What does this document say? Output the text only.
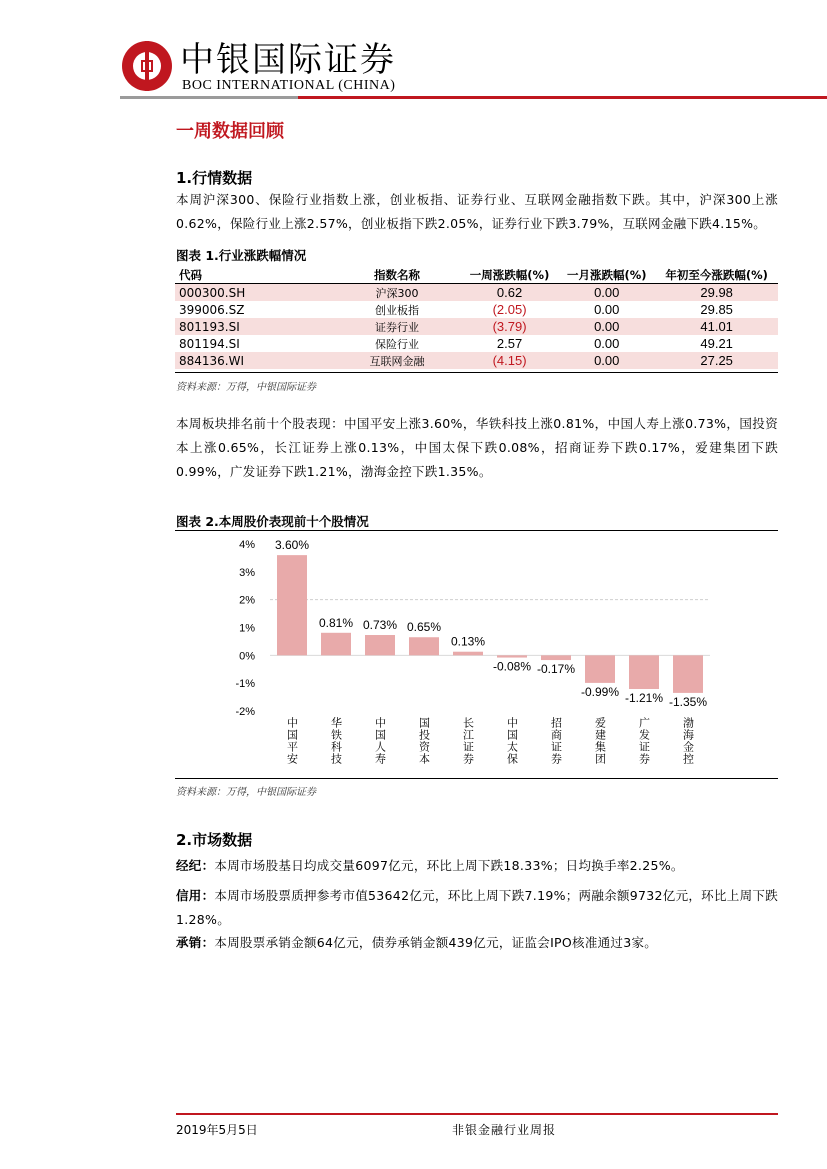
中银国际证券
BOC INTERNATIONAL (CHINA)
一周数据回顾
1.行情数据
本周沪深300、保险行业指数上涨，创业板指、证券行业、互联网金融指数下跌。其中，沪深300上涨0.62%，保险行业上涨2.57%，创业板指下跌2.05%，证券行业下跌3.79%，互联网金融下跌4.15%。
图表 1.行业涨跌幅情况
代码	指数名称	一周涨跌幅(%)	一月涨跌幅(%)	年初至今涨跌幅(%)
000300.SH	沪深300	0.62	0.00	29.98
399006.SZ	创业板指	(2.05)	0.00	29.85
801193.SI	证券行业	(3.79)	0.00	41.01
801194.SI	保险行业	2.57	0.00	49.21
884136.WI	互联网金融	(4.15)	0.00	27.25
资料来源：万得，中银国际证券
本周板块排名前十个股表现：中国平安上涨3.60%，华铁科技上涨0.81%，中国人寿上涨0.73%，国投资本上涨0.65%，长江证券上涨0.13%，中国太保下跌0.08%，招商证券下跌0.17%，爱建集团下跌0.99%，广发证券下跌1.21%，渤海金控下跌1.35%。
图表 2.本周股价表现前十个股情况
4%
3%
2%
1%
0%
-1%
-2%
3.60%
0.81% 0.73% 0.65%
0.13%
-0.08% -0.17%
-0.99% -1.21% -1.35%
中国平安	华铁科技	中国人寿	国投资本	长江证券	中国太保	招商证券	爱建集团	广发证券	渤海金控
资料来源：万得，中银国际证券
2.市场数据
经纪：本周市场股基日均成交量6097亿元，环比上周下跌18.33%；日均换手率2.25%。
信用：本周市场股票质押参考市值53642亿元，环比上周下跌7.19%；两融余额9732亿元，环比上周下跌1.28%。
承销：本周股票承销金额64亿元，债券承销金额439亿元，证监会IPO核准通过3家。
2019年5月5日	非银金融行业周报
